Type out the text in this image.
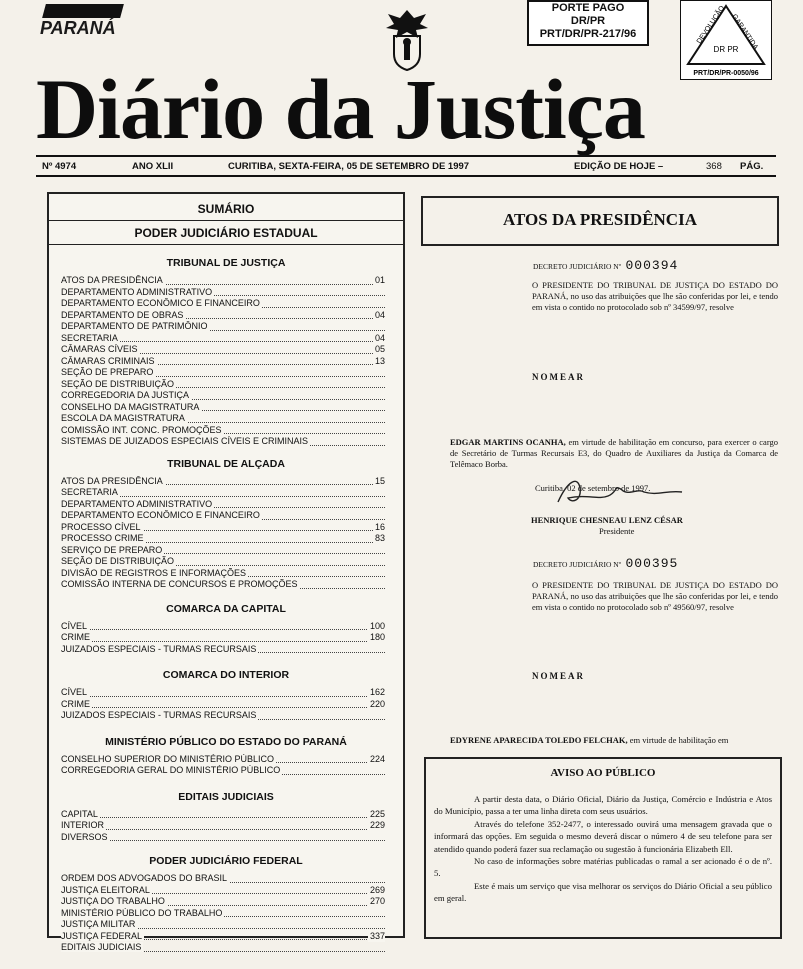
PARANÁ
PORTE PAGO
DR/PR
PRT/DR/PR-217/96	DEVOLUÇÃO GARANTIDA
DR PR
PRT/DR/PR-0050/96
Diário da Justiça
Nº 4974	ANO XLII	CURITIBA, SEXTA-FEIRA, 05 DE SETEMBRO DE 1997	EDIÇÃO DE HOJE –	368 PÁG.
SUMÁRIO
PODER JUDICIÁRIO ESTADUAL
TRIBUNAL DE JUSTIÇA
ATOS DA PRESIDÊNCIA	01
DEPARTAMENTO ADMINISTRATIVO
DEPARTAMENTO ECONÔMICO E FINANCEIRO
DEPARTAMENTO DE OBRAS	04
DEPARTAMENTO DE PATRIMÔNIO
SECRETARIA	04
CÂMARAS CÍVEIS	05
CÂMARAS CRIMINAIS	13
SEÇÃO DE PREPARO
SEÇÃO DE DISTRIBUIÇÃO
CORREGEDORIA DA JUSTIÇA
CONSELHO DA MAGISTRATURA
ESCOLA DA MAGISTRATURA
COMISSÃO INT. CONC. PROMOÇÕES
SISTEMAS DE JUIZADOS ESPECIAIS CÍVEIS E CRIMINAIS
TRIBUNAL DE ALÇADA
ATOS DA PRESIDÊNCIA	15
SECRETARIA
DEPARTAMENTO ADMINISTRATIVO
DEPARTAMENTO ECONÔMICO E FINANCEIRO
PROCESSO CÍVEL	16
PROCESSO CRIME	83
SERVIÇO DE PREPARO
SEÇÃO DE DISTRIBUIÇÃO
DIVISÃO DE REGISTROS E INFORMAÇÕES
COMISSÃO INTERNA DE CONCURSOS E PROMOÇÕES
COMARCA DA CAPITAL
CÍVEL	100
CRIME	180
JUIZADOS ESPECIAIS - TURMAS RECURSAIS
COMARCA DO INTERIOR
CÍVEL	162
CRIME	220
JUIZADOS ESPECIAIS - TURMAS RECURSAIS
MINISTÉRIO PÚBLICO DO ESTADO DO PARANÁ
CONSELHO SUPERIOR DO MINISTÉRIO PÚBLICO	224
CORREGEDORIA GERAL DO MINISTÉRIO PÚBLICO
EDITAIS JUDICIAIS
CAPITAL	225
INTERIOR	229
DIVERSOS
PODER JUDICIÁRIO FEDERAL
ORDEM DOS ADVOGADOS DO BRASIL
JUSTIÇA ELEITORAL	269
JUSTIÇA DO TRABALHO	270
MINISTÉRIO PÚBLICO DO TRABALHO
JUSTIÇA MILITAR
JUSTIÇA FEDERAL	337
EDITAIS JUDICIAIS
ATOS DA PRESIDÊNCIA
DECRETO JUDICIÁRIO Nº 000394
O PRESIDENTE DO TRIBUNAL DE JUSTIÇA DO ESTADO DO PARANÁ, no uso das atribuições que lhe são conferidas por lei, e tendo em vista o contido no protocolado sob nº 34599/97, resolve
NOMEAR
EDGAR MARTINS OCANHA, em virtude de habilitação em concurso, para exercer o cargo de Secretário de Turmas Recursais E3, do Quadro de Auxiliares da Justiça da Comarca de Telêmaco Borba.
Curitiba, 02 de setembro de 1997.
HENRIQUE CHESNEAU LENZ CÉSAR
Presidente
DECRETO JUDICIÁRIO Nº 000395
O PRESIDENTE DO TRIBUNAL DE JUSTIÇA DO ESTADO DO PARANÁ, no uso das atribuições que lhe são conferidas por lei, e tendo em vista o contido no protocolado sob nº 49560/97, resolve
NOMEAR
EDYRENE APARECIDA TOLEDO FELCHAK, em virtude de habilitação em
AVISO AO PÚBLICO

A partir desta data, o Diário Oficial, Diário da Justiça, Comércio e Indústria e Atos do Município, passa a ter uma linha direta com seus usuários.

Através do telefone 352-2477, o interessado ouvirá uma mensagem gravada que o informará das opções. Em seguida o mesmo deverá discar o número 4 de seu telefone para ser atendido quando poderá fazer sua reclamação ou sugestão à funcionária Elizabeth Ell.

No caso de informações sobre matérias publicadas o ramal a ser acionado é o de nº. 5.

Este é mais um serviço que visa melhorar os serviços do Diário Oficial a seu público em geral.
